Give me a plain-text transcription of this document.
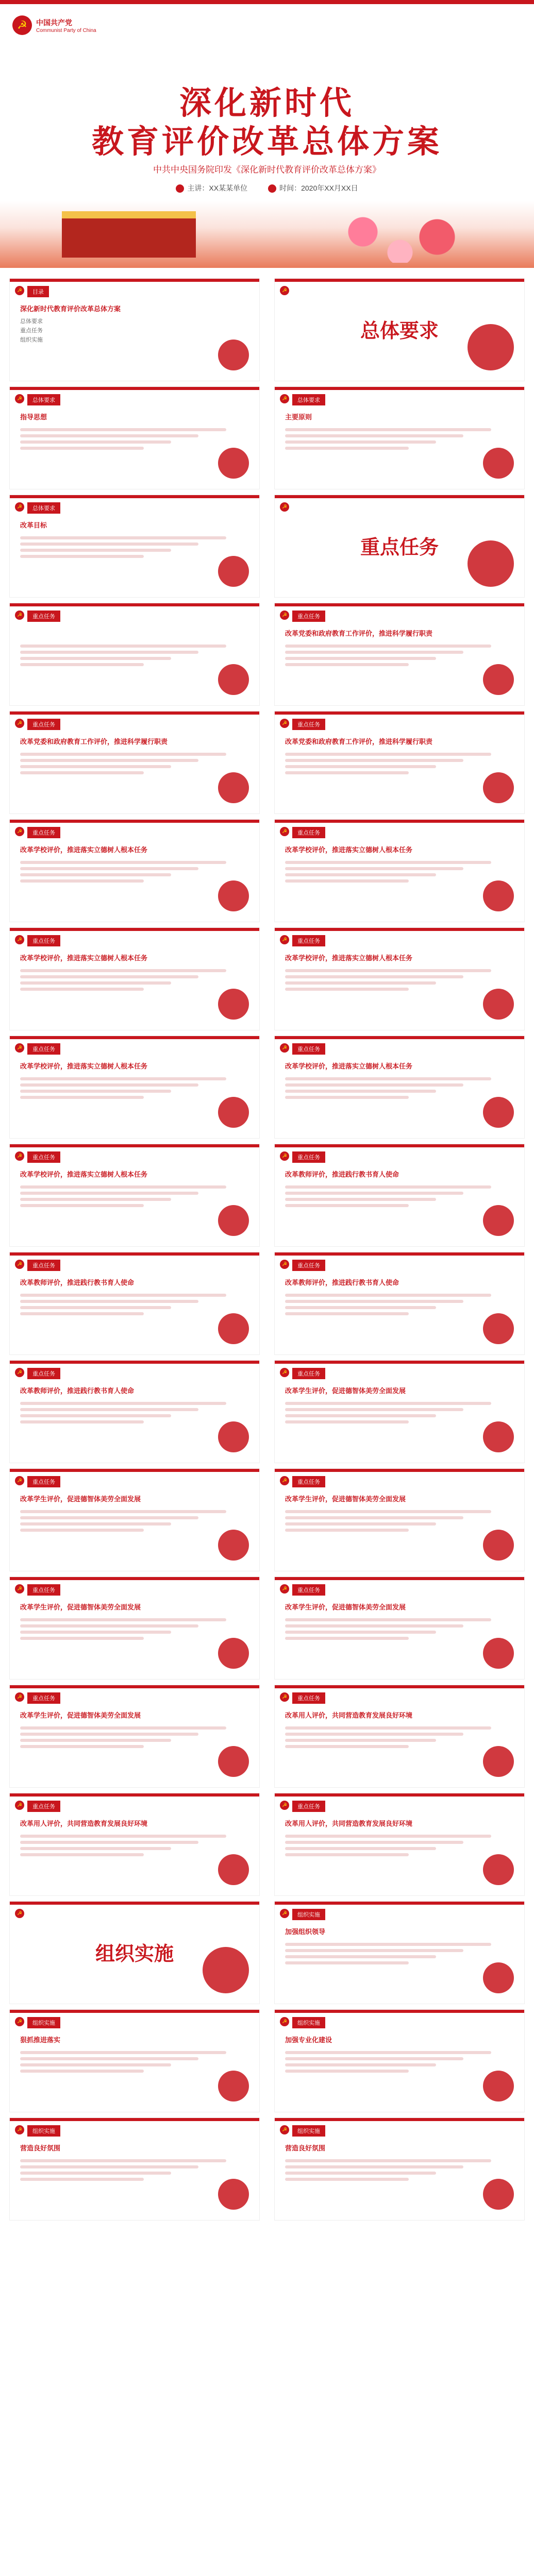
☭	中国共产党
Communist Party of China
深化新时代
教育评价改革总体方案
中共中央国务院印发《深化新时代教育评价改革总体方案》
主讲：XX某某单位	时间：2020年XX月XX日
☭	目录
深化新时代教育评价改革总体方案
总体要求
重点任务
组织实施
☭
总体要求
☭	总体要求
指导思想
☭	总体要求
主要原则
☭	总体要求
改革目标
☭
重点任务
☭	重点任务	☭	重点任务
改革党委和政府教育工作评价，推进科学履行职责
☭	重点任务
改革党委和政府教育工作评价，推进科学履行职责
☭	重点任务
改革党委和政府教育工作评价，推进科学履行职责
☭	重点任务
改革学校评价，推进落实立德树人根本任务
☭	重点任务
改革学校评价，推进落实立德树人根本任务
☭	重点任务
改革学校评价，推进落实立德树人根本任务
☭	重点任务
改革学校评价，推进落实立德树人根本任务
☭	重点任务
改革学校评价，推进落实立德树人根本任务
☭	重点任务
改革学校评价，推进落实立德树人根本任务
☭	重点任务
改革学校评价，推进落实立德树人根本任务
☭	重点任务
改革教师评价，推进践行教书育人使命
☭	重点任务
改革教师评价，推进践行教书育人使命
☭	重点任务
改革教师评价，推进践行教书育人使命
☭	重点任务
改革教师评价，推进践行教书育人使命
☭	重点任务
改革学生评价，促进德智体美劳全面发展
☭	重点任务
改革学生评价，促进德智体美劳全面发展
☭	重点任务
改革学生评价，促进德智体美劳全面发展
☭	重点任务
改革学生评价，促进德智体美劳全面发展
☭	重点任务
改革学生评价，促进德智体美劳全面发展
☭	重点任务
改革学生评价，促进德智体美劳全面发展
☭	重点任务
改革用人评价，共同营造教育发展良好环境
☭	重点任务
改革用人评价，共同营造教育发展良好环境
☭	重点任务
改革用人评价，共同营造教育发展良好环境
☭
组织实施
☭	组织实施
加强组织领导
☭	组织实施
狠抓推进落实
☭	组织实施
加强专业化建设
☭	组织实施
营造良好氛围
☭	组织实施
营造良好氛围
